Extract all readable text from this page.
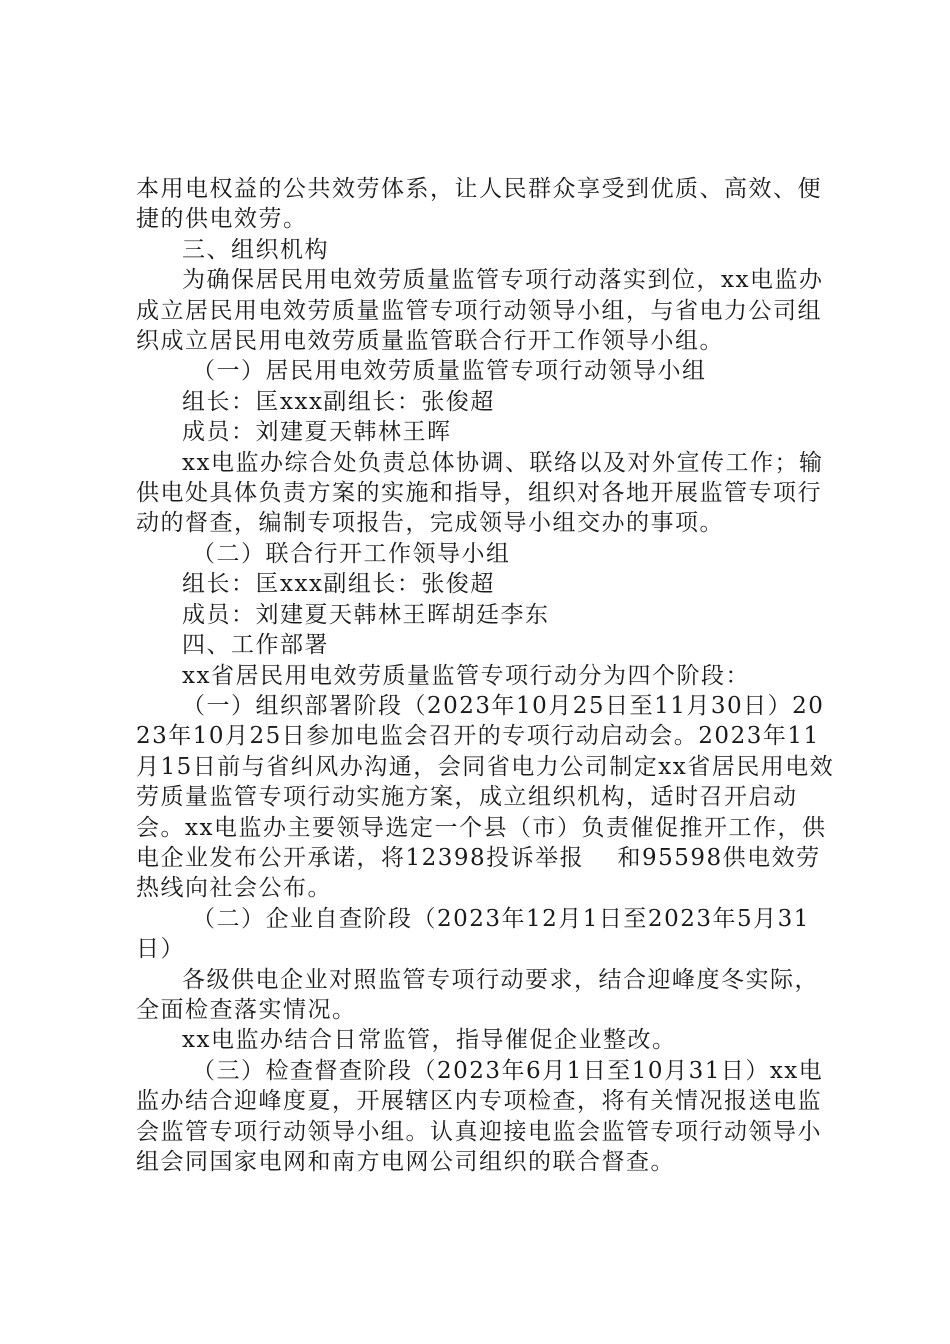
本用电权益的公共效劳体系，让人民群众享受到优质、高效、便捷的供电效劳。

三、组织机构

为确保居民用电效劳质量监管专项行动落实到位，xx电监办成立居民用电效劳质量监管专项行动领导小组，与省电力公司组织成立居民用电效劳质量监管联合行开工作领导小组。

（一）居民用电效劳质量监管专项行动领导小组

组长：匡xxx副组长：张俊超

成员：刘建夏天韩林王晖

xx电监办综合处负责总体协调、联络以及对外宣传工作；输供电处具体负责方案的实施和指导，组织对各地开展监管专项行动的督查，编制专项报告，完成领导小组交办的事项。

（二）联合行开工作领导小组

组长：匡xxx副组长：张俊超

成员：刘建夏天韩林王晖胡廷李东

四、工作部署

xx省居民用电效劳质量监管专项行动分为四个阶段：

（一）组织部署阶段（2023年10月25日至11月30日）2023年10月25日参加电监会召开的专项行动启动会。2023年11月15日前与省纠风办沟通，会同省电力公司制定xx省居民用电效劳质量监管专项行动实施方案，成立组织机构，适时召开启动会。xx电监办主要领导选定一个县（市）负责催促推开工作，供电企业发布公开承诺，将12398投诉举报　 和95598供电效劳热线向社会公布。

（二）企业自查阶段（2023年12月1日至2023年5月31日）

各级供电企业对照监管专项行动要求，结合迎峰度冬实际，全面检查落实情况。

xx电监办结合日常监管，指导催促企业整改。

（三）检查督查阶段（2023年6月1日至10月31日）xx电监办结合迎峰度夏，开展辖区内专项检查，将有关情况报送电监会监管专项行动领导小组。认真迎接电监会监管专项行动领导小组会同国家电网和南方电网公司组织的联合督查。
